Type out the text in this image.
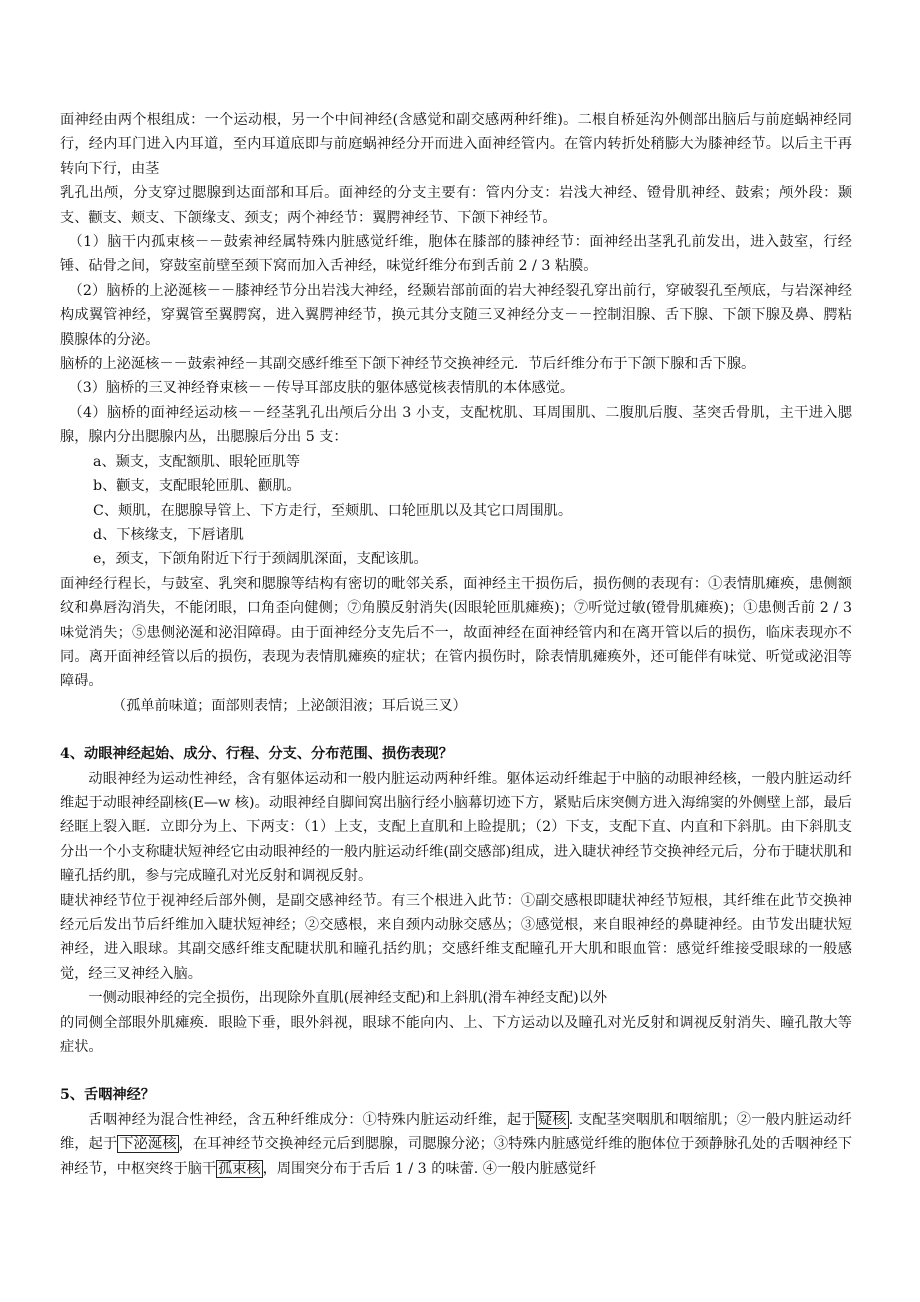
面神经由两个根组成：一个运动根，另一个中间神经(含感觉和副交感两种纤维)。二根自桥延沟外侧部出脑后与前庭蜗神经同行，经内耳门进入内耳道，至内耳道底即与前庭蜗神经分开而进入面神经管内。在管内转折处稍膨大为膝神经节。以后主干再转向下行，由茎

乳孔出颅，分支穿过腮腺到达面部和耳后。面神经的分支主要有：管内分支：岩浅大神经、镫骨肌神经、鼓索；颅外段：颞支、颧支、颊支、下颌缘支、颈支；两个神经节：翼腭神经节、下颌下神经节。

（1）脑干内孤束核－－鼓索神经属特殊内脏感觉纤维，胞体在膝部的膝神经节：面神经出茎乳孔前发出，进入鼓室，行经锤、砧骨之间，穿鼓室前壁至颈下窝而加入舌神经，味觉纤维分布到舌前 2 / 3 粘膜。

（2）脑桥的上泌涎核－－膝神经节分出岩浅大神经，经颞岩部前面的岩大神经裂孔穿出前行，穿破裂孔至颅底，与岩深神经构成翼管神经，穿翼管至翼腭窝，进入翼腭神经节，换元其分支随三叉神经分支－－控制泪腺、舌下腺、下颌下腺及鼻、腭粘膜腺体的分泌。

脑桥的上泌涎核－－鼓索神经－其副交感纤维至下颌下神经节交换神经元．节后纤维分布于下颌下腺和舌下腺。

（3）脑桥的三叉神经脊束核－－传导耳部皮肤的躯体感觉核表情肌的本体感觉。

（4）脑桥的面神经运动核－－经茎乳孔出颅后分出 3 小支，支配枕肌、耳周围肌、二腹肌后腹、茎突舌骨肌，主干进入腮腺，腺内分出腮腺内丛，出腮腺后分出 5 支：

a、颞支，支配额肌、眼轮匝肌等

b、颧支，支配眼轮匝肌、颧肌。

C、颊肌，在腮腺导管上、下方走行，至颊肌、口轮匝肌以及其它口周围肌。

d、下核缘支，下唇诸肌

e，颈支，下颌角附近下行于颈阔肌深面，支配该肌。

面神经行程长，与鼓室、乳突和腮腺等结构有密切的毗邻关系，面神经主干损伤后，损伤侧的表现有：①表情肌瘫痪，患侧额纹和鼻唇沟消失，不能闭眼，口角歪向健侧；⑦角膜反射消失(因眼轮匝肌瘫痪)；⑦听觉过敏(镫骨肌瘫痪)；①患侧舌前 2 / 3 味觉消失；⑤患侧泌涎和泌泪障碍。由于面神经分支先后不一，故面神经在面神经管内和在离开管以后的损伤，临床表现亦不同。离开面神经管以后的损伤，表现为表情肌瘫痪的症状；在管内损伤时，除表情肌瘫痪外，还可能伴有味觉、听觉或泌泪等障碍。

（孤单前味道；面部则表情；上泌颌泪液；耳后说三叉）

4、动眼神经起始、成分、行程、分支、分布范围、损伤表现？

动眼神经为运动性神经，含有躯体运动和一般内脏运动两种纤维。躯体运动纤维起于中脑的动眼神经核，一般内脏运动纤维起于动眼神经副核(E—w 核)。动眼神经自脚间窝出脑行经小脑幕切迹下方，紧贴后床突侧方进入海绵窦的外侧壁上部，最后经眶上裂入眶．立即分为上、下两支：（1）上支，支配上直肌和上睑提肌；（2）下支，支配下直、内直和下斜肌。由下斜肌支分出一个小支称睫状短神经它由动眼神经的一般内脏运动纤维(副交感部)组成，进入睫状神经节交换神经元后，分布于睫状肌和瞳孔括约肌，参与完成瞳孔对光反射和调视反射。

睫状神经节位于视神经后部外侧，是副交感神经节。有三个根进入此节：①副交感根即睫状神经节短根，其纤维在此节交换神经元后发出节后纤维加入睫状短神经；②交感根，来自颈内动脉交感丛；③感觉根，来自眼神经的鼻睫神经。由节发出睫状短神经，进入眼球。其副交感纤维支配睫状肌和瞳孔括约肌；交感纤维支配瞳孔开大肌和眼血管：感觉纤维接受眼球的一般感觉，经三叉神经入脑。

一侧动眼神经的完全损伤，出现除外直肌(展神经支配)和上斜肌(滑车神经支配)以外

的同侧全部眼外肌瘫痪．眼睑下垂，眼外斜视，眼球不能向内、上、下方运动以及瞳孔对光反射和调视反射消失、瞳孔散大等症状。

5、舌咽神经？

舌咽神经为混合性神经，含五种纤维成分：①特殊内脏运动纤维，起于 疑核 . 支配茎突咽肌和咽缩肌；②一般内脏运动纤维，起于 下泌涎核 ，在耳神经节交换神经元后到腮腺，司腮腺分泌；③特殊内脏感觉纤维的胞体位于颈静脉孔处的舌咽神经下神经节，中枢突终于脑干 孤束核 ，周围突分布于舌后 1 / 3 的味蕾. ④一般内脏感觉纤
